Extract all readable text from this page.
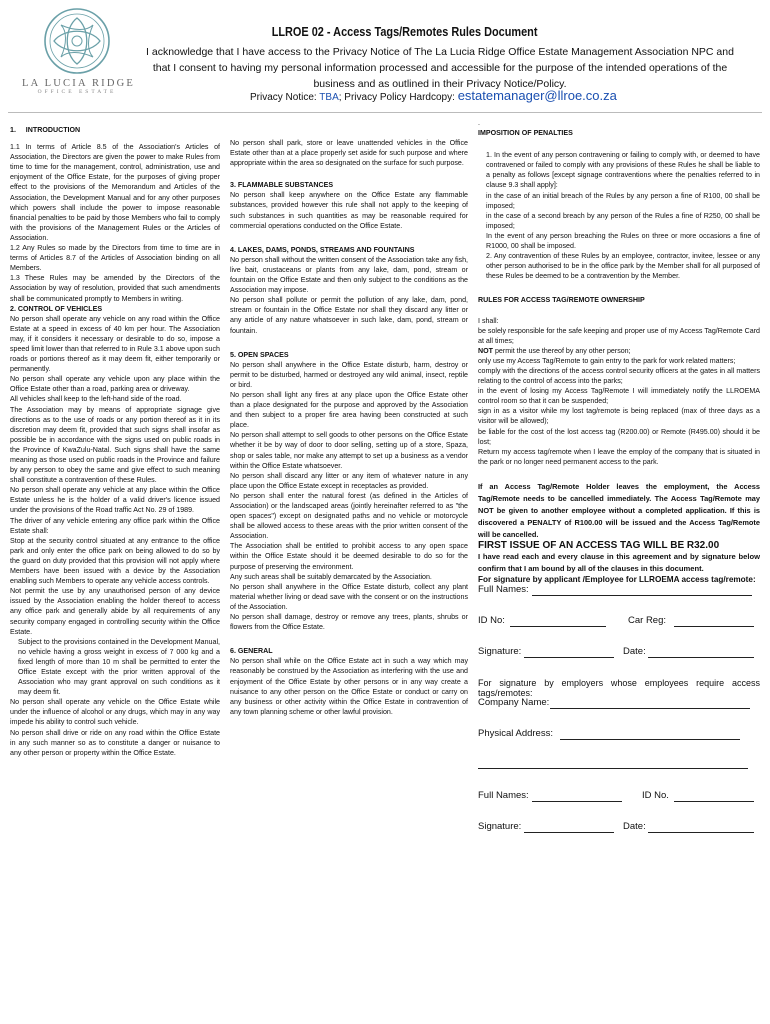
LA LUCIA RIDGE
OFFICE ESTATE
LLROE 02 - Access Tags/Remotes Rules Document
I acknowledge that I have access to the Privacy Notice of The La Lucia Ridge Office Estate Management Association NPC and that I consent to having my personal information processed and accessible for the purpose of the intended operations of the business and as outlined in their Privacy Notice/Policy.
Privacy Notice: TBA; Privacy Policy Hardcopy: estatemanager@llroe.co.za

1.     INTRODUCTION

1.1 In terms of Article 8.5 of the Association's Articles of Association, the Directors are given the power to make Rules from time to time for the management, control, administration, use and enjoyment of the Office Estate, for the purposes of giving proper effect to the provisions of the Memorandum and Articles of the Association, the Development Manual and for any other purposes which powers shall include the power to impose reasonable financial penalties to be paid by those Members who fail to comply with the provisions of the Management Rules or the Articles of Association.

1.2 Any Rules so made by the Directors from time to time are in terms of Articles 8.7 of the Articles of Association binding on all Members.

1.3 These Rules may be amended by the Directors of the Association by way of resolution, provided that such amendments shall be communicated promptly to Members in writing.

2. CONTROL OF VEHICLES

No person shall operate any vehicle on any road within the Office Estate at a speed in excess of 40 km per hour. The Association may, if it considers it necessary or desirable to do so, impose a speed limit lower than that referred to in Rule 3.1 above upon such roads or portions thereof as it may deem fit, either temporarily or permanently.

No person shall operate any vehicle upon any place within the Office Estate other than a road, parking area or driveway.

All vehicles shall keep to the left-hand side of the road.

The Association may by means of appropriate signage give directions as to the use of roads or any portion thereof as it in its discretion may deem fit, provided that such signs shall insofar as possible be in accordance with the signs used on public roads in the Province of KwaZulu-Natal. Such signs shall have the same meaning as those used on public roads in the Province and failure by any person to obey the same and give effect to such meaning shall constitute a contravention of these Rules.

No person shall operate any vehicle at any place within the Office Estate unless he is the holder of a valid driver's licence issued under the provisions of the Road traffic Act No. 29 of 1989.

The driver of any vehicle entering any office park within the Office Estate shall:

Stop at the security control situated at any entrance to the office park and only enter the office park on being allowed to do so by the guard on duty provided that this provision will not apply where Members have been issued with a device by the Association enabling such Members to operate any vehicle access controls.

Not permit the use by any unauthorised person of any device issued by the Association enabling the holder thereof to access any office park and generally abide by all requirements of any security company engaged in controlling security within the Office Estate.

Subject to the provisions contained in the Development Manual, no vehicle having a gross weight in excess of 7 000 kg and a fixed length of more than 10 m shall be permitted to enter the Office Estate except with the prior written approval of the Association who may grant approval on such conditions as it may deem fit.

No person shall operate any vehicle on the Office Estate while under the influence of alcohol or any drugs, which may in any way impede his ability to control such vehicle.

No person shall drive or ride on any road within the Office Estate in any such manner so as to constitute a danger or nuisance to any other person or property within the Office Estate.

No person shall park, store or leave unattended vehicles in the Office Estate other than at a place properly set aside for such purpose and where appropriate within the area so designated on the surface for such purpose.

3. FLAMMABLE SUBSTANCES

No person shall keep anywhere on the Office Estate any flammable substances, provided however this rule shall not apply to the keeping of such substances in such quantities as may be reasonable required for commercial operations conducted on the Office Estate.

4. LAKES, DAMS, PONDS, STREAMS AND FOUNTAINS

No person shall without the written consent of the Association take any fish, live bait, crustaceans or plants from any lake, dam, pond, stream or fountain on the Office Estate and then only subject to the conditions as the Association may impose.

No person shall pollute or permit the pollution of any lake, dam, pond, stream or fountain in the Office Estate nor shall they discard any litter or any article of any nature whatsoever in such lake, dam, pond, stream or fountain.

5. OPEN SPACES

No person shall anywhere in the Office Estate disturb, harm, destroy or permit to be disturbed, harmed or destroyed any wild animal, insect, reptile or bird.

No person shall light any fires at any place upon the Office Estate other than a place designated for the purpose and approved by the Association and then subject to a proper fire area having been constructed at such place.

No person shall attempt to sell goods to other persons on the Office Estate whether it be by way of door to door selling, setting up of a store, Spaza, shop or sales table, nor make any attempt to set up a business as a vendor within the Office Estate whatsoever.

No person shall discard any litter or any item of whatever nature in any place upon the Office Estate except in receptacles as provided.

No person shall enter the natural forest (as defined in the Articles of Association) or the landscaped areas (jointly hereinafter referred to as "the open spaces") except on designated paths and no vehicle or motorcycle shall be allowed access to these areas with the prior written consent of the Association.

The Association shall be entitled to prohibit access to any open space within the Office Estate should it be deemed desirable to do so for the purpose of preserving the environment.

Any such areas shall be suitably demarcated by the Association.

No person shall anywhere in the Office Estate disturb, collect any plant material whether living or dead save with the consent or on the instructions of the Association.

No person shall damage, destroy or remove any trees, plants, shrubs or flowers from the Office Estate.

6. GENERAL

No person shall while on the Office Estate act in such a way which may reasonably be construed by the Association as interfering with the use and enjoyment of the Office Estate by other persons or in any way create a nuisance to any other person on the Office Estate or conduct or carry on any business or other activity within the Office Estate in contravention of any town planning scheme or other lawful provision.

.

IMPOSITION OF PENALTIES

1. In the event of any person contravening or failing to comply with, or deemed to have contravened or failed to comply with any provisions of these Rules he shall be liable to a penalty as follows [except signage contraventions where the penalties referred to in clause 9.3 shall apply]:

in the case of an initial breach of the Rules by any person a fine of R100, 00 shall be imposed;

in the case of a second breach by any person of the Rules a fine of R250, 00 shall be imposed;

In the event of any person breaching the Rules on three or more occasions a fine of R1000, 00 shall be imposed.

2. Any contravention of these Rules by an employee, contractor, invitee, lessee or any other person authorised to be in the office park by the Member shall for all purposed of these Rules be deemed to be a contravention by the Member.

RULES FOR ACCESS TAG/REMOTE OWNERSHIP

I shall:

be solely responsible for the safe keeping and proper use of my Access Tag/Remote Card at all times;

NOT permit the use thereof by any other person;

only use my Access Tag/Remote to gain entry to the park for work related matters;

comply with the directions of the access control security officers at the gates in all matters relating to the control of access into the parks;

in the event of losing my Access Tag/Remote I will immediately notify the LLROEMA control room so that it can be suspended;

sign in as a visitor while my lost tag/remote is being replaced (max of three days as a visitor will be allowed);

be liable for the cost of the lost access tag (R200.00) or Remote (R495.00) should it be lost;

Return my access tag/remote when I leave the employ of the company that is situated in the park or no longer need permanent access to the park.

If an Access Tag/Remote Holder leaves the employment, the Access Tag/Remote needs to be cancelled immediately. The Access Tag/Remote may NOT be given to another employee without a completed application. If this is discovered a PENALTY of R100.00 will be issued and the Access Tag/Remote will be cancelled.

FIRST ISSUE OF AN ACCESS TAG WILL BE R32.00

I have read each and every clause in this agreement and by signature below confirm that I am bound by all of the clauses in this document.

For signature by applicant /Employee for LLROEMA access tag/remote:

Full Names:
ID No:	Car Reg:
Signature:	Date:

For signature by employers whose employees require access tags/remotes:

Company Name:
Physical Address:
Full Names:	ID No.
Signature:	Date:
